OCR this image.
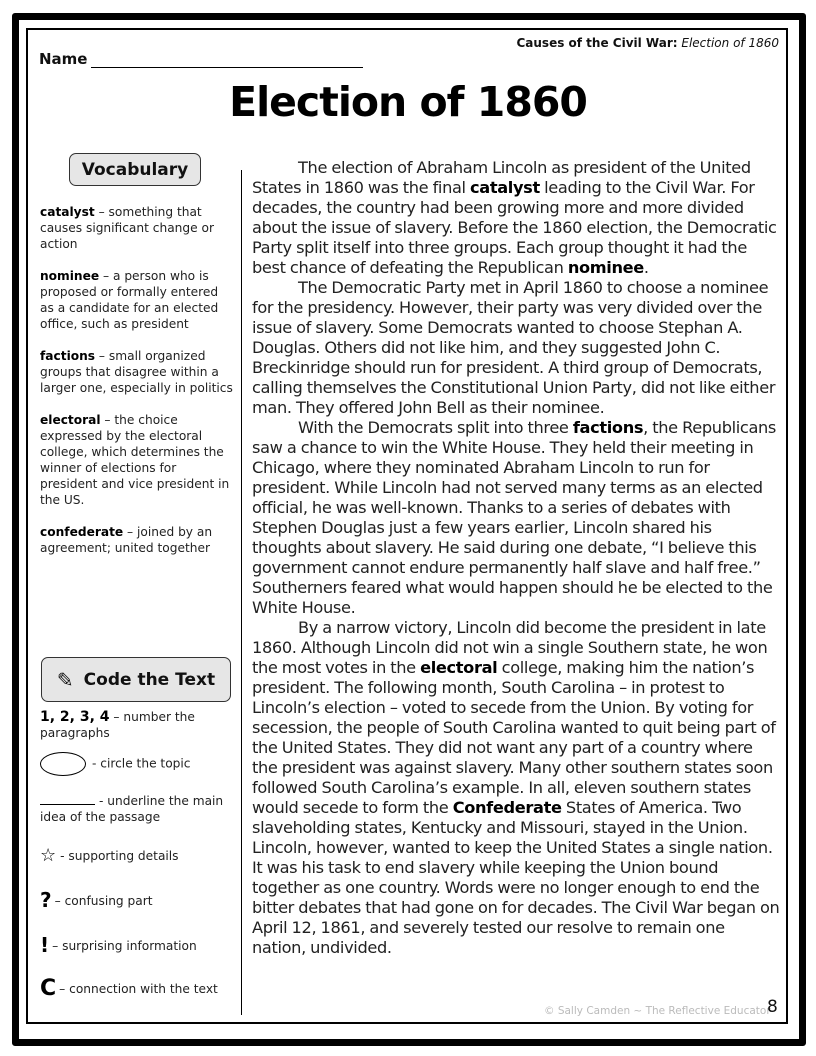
Causes of the Civil War: Election of 1860
Name
Election of 1860
Vocabulary
catalyst – something that causes significant change or action
nominee – a person who is proposed or formally entered as a candidate for an elected office, such as president
factions – small organized groups that disagree within a larger one, especially in politics
electoral – the choice expressed by the electoral college, which determines the winner of elections for president and vice president in the US.
confederate – joined by an agreement; united together
✎ Code the Text
1, 2, 3, 4 – number the paragraphs
- circle the topic
- underline the main idea of the passage
☆ - supporting details
? – confusing part
! – surprising information
C – connection with the text

The election of Abraham Lincoln as president of the United States in 1860 was the final catalyst leading to the Civil War. For decades, the country had been growing more and more divided about the issue of slavery. Before the 1860 election, the Democratic Party split itself into three groups. Each group thought it had the best chance of defeating the Republican nominee.

The Democratic Party met in April 1860 to choose a nominee for the presidency. However, their party was very divided over the issue of slavery. Some Democrats wanted to choose Stephan A. Douglas. Others did not like him, and they suggested John C. Breckinridge should run for president. A third group of Democrats, calling themselves the Constitutional Union Party, did not like either man. They offered John Bell as their nominee.

With the Democrats split into three factions, the Republicans saw a chance to win the White House. They held their meeting in Chicago, where they nominated Abraham Lincoln to run for president. While Lincoln had not served many terms as an elected official, he was well-known. Thanks to a series of debates with Stephen Douglas just a few years earlier, Lincoln shared his thoughts about slavery. He said during one debate, “I believe this government cannot endure permanently half slave and half free.” Southerners feared what would happen should he be elected to the White House.

By a narrow victory, Lincoln did become the president in late 1860. Although Lincoln did not win a single Southern state, he won the most votes in the electoral college, making him the nation’s president. The following month, South Carolina – in protest to Lincoln’s election – voted to secede from the Union. By voting for secession, the people of South Carolina wanted to quit being part of the United States. They did not want any part of a country where the president was against slavery. Many other southern states soon followed South Carolina’s example. In all, eleven southern states would secede to form the Confederate States of America. Two slaveholding states, Kentucky and Missouri, stayed in the Union. Lincoln, however, wanted to keep the United States a single nation. It was his task to end slavery while keeping the Union bound together as one country. Words were no longer enough to end the bitter debates that had gone on for decades. The Civil War began on April 12, 1861, and severely tested our resolve to remain one nation, undivided.

© Sally Camden ~ The Reflective Educator
8
